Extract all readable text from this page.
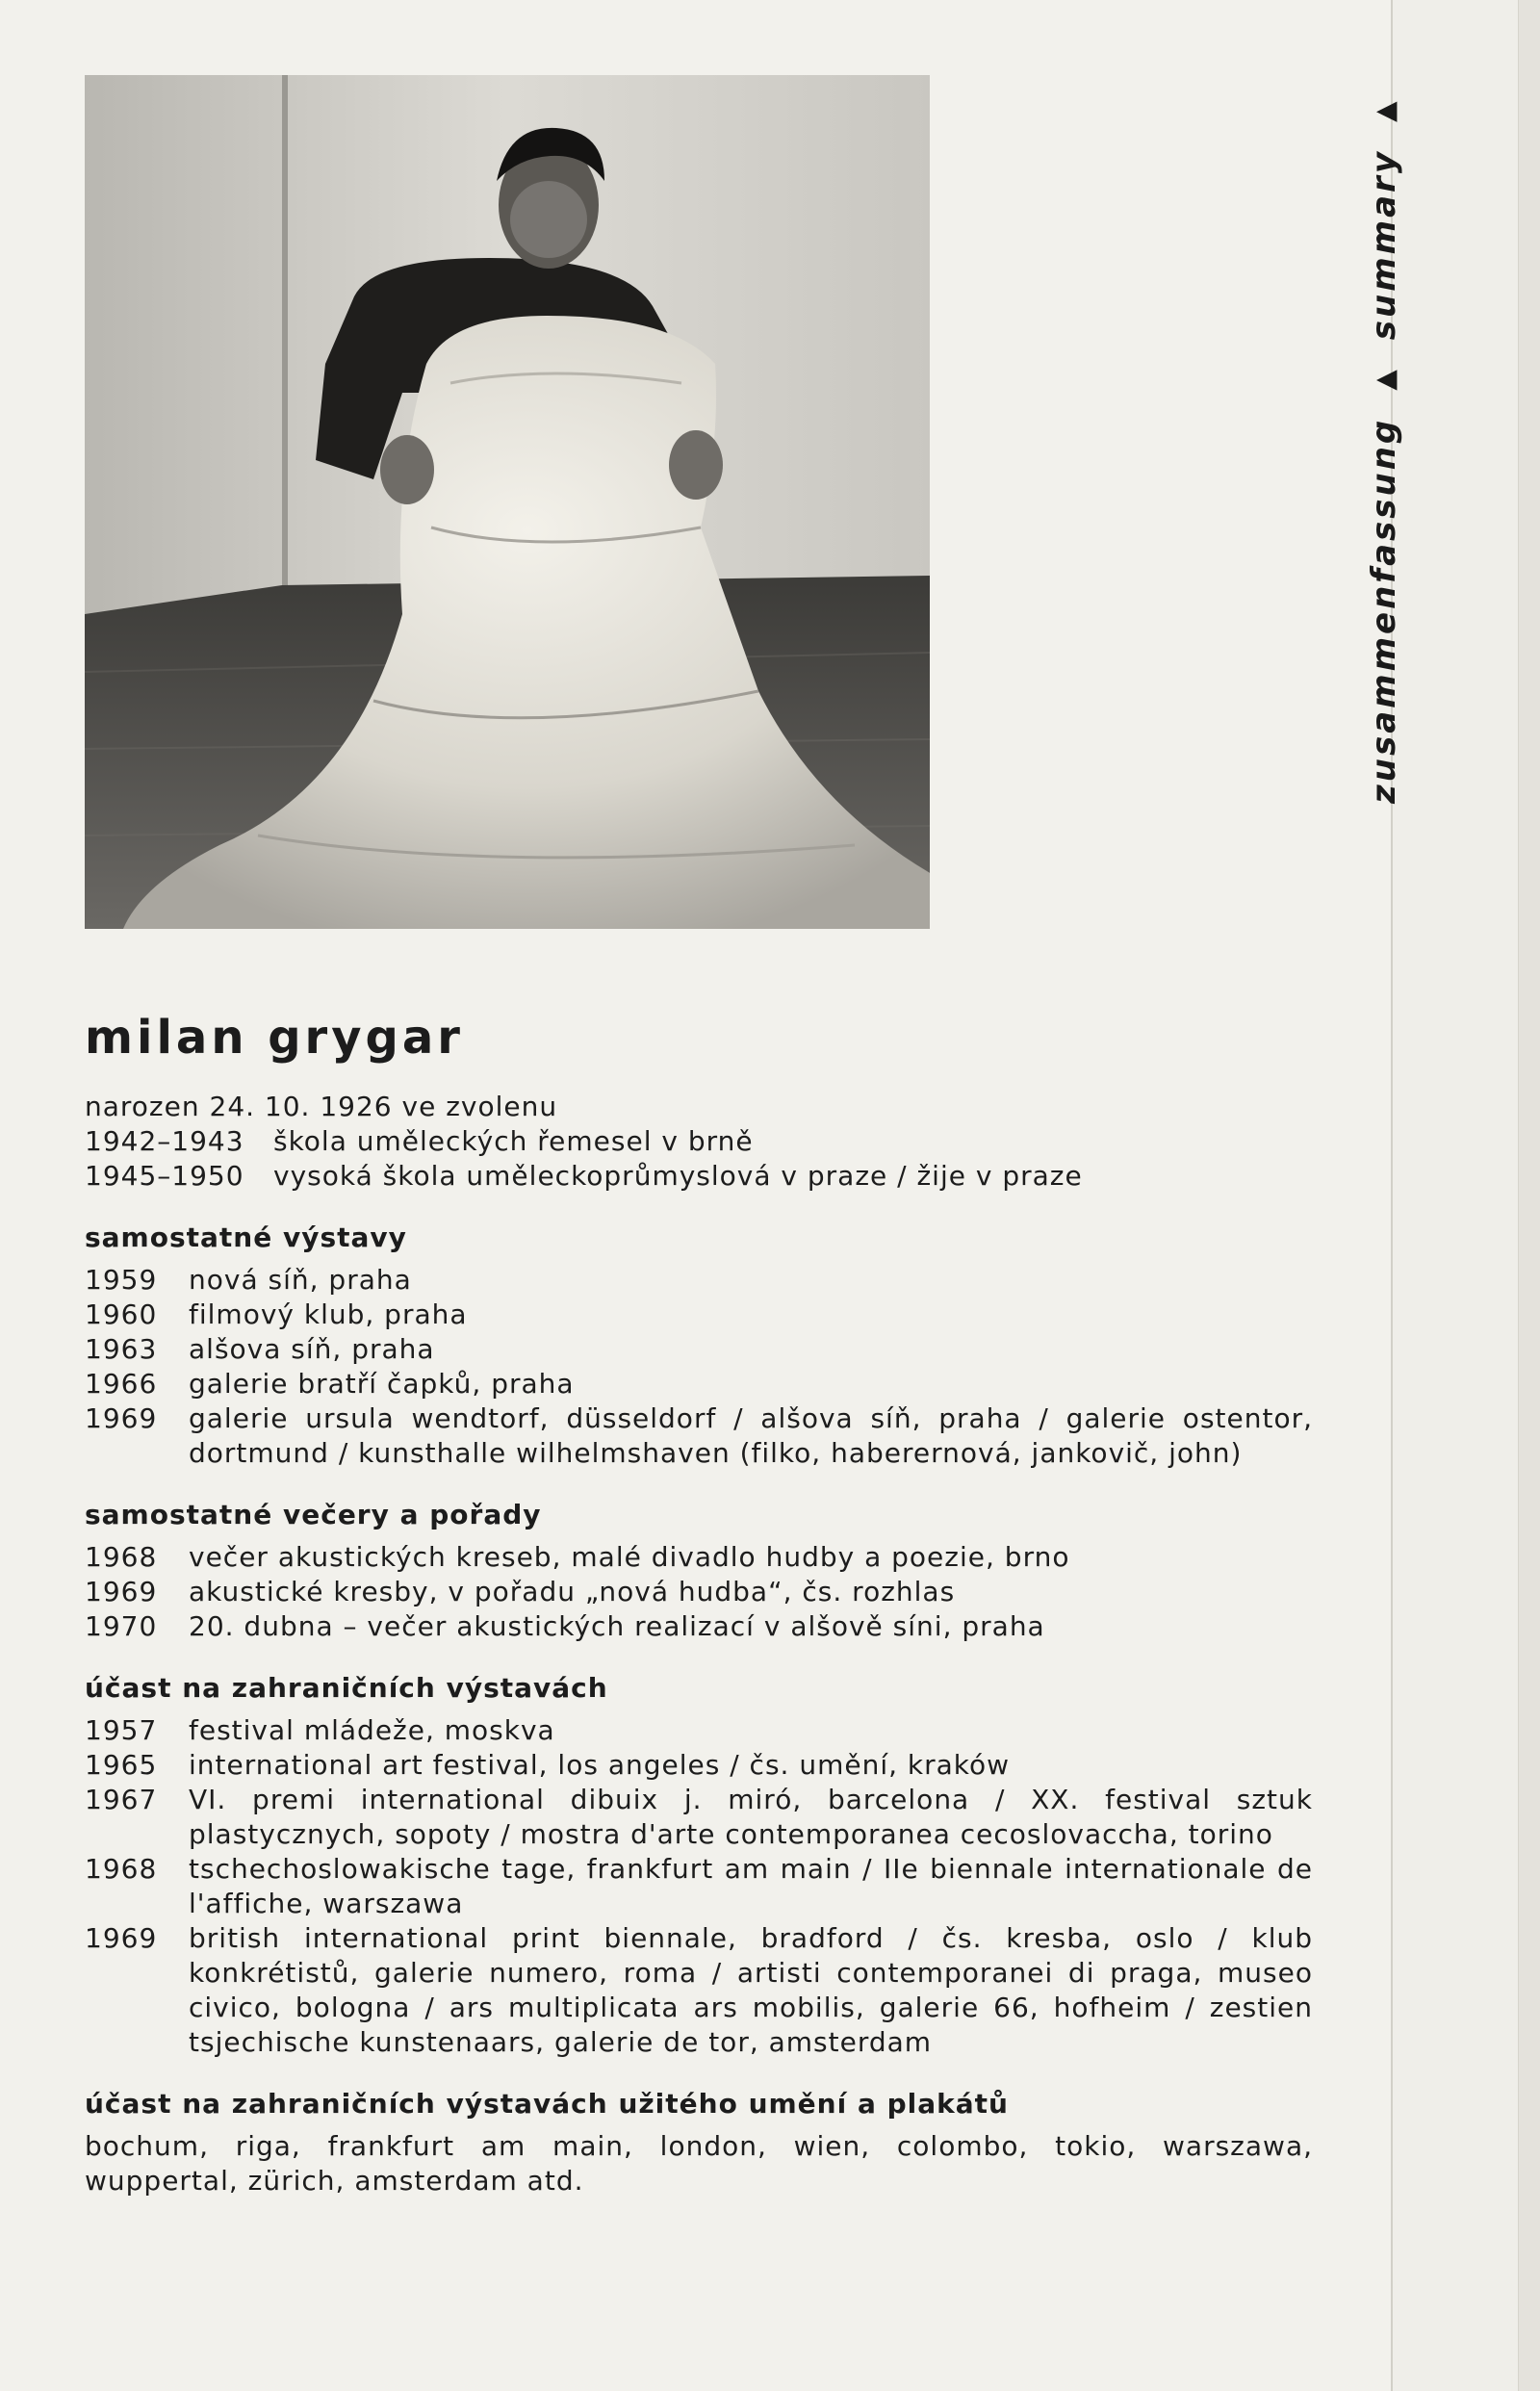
milan grygar
narozen 24. 10. 1926 ve zvolenu
1942–1943 škola uměleckých řemesel v brně
1945–1950 vysoká škola uměleckoprůmyslová v praze / žije v praze
samostatné výstavy
1959	nová síň, praha
1960	filmový klub, praha
1963	alšova síň, praha
1966	galerie bratří čapků, praha
1969	galerie ursula wendtorf, düsseldorf / alšova síň, praha / galerie ostentor, dortmund / kunsthalle wilhelmshaven (filko, haberernová, jankovič, john)
samostatné večery a pořady
1968	večer akustických kreseb, malé divadlo hudby a poezie, brno
1969	akustické kresby, v pořadu „nová hudba“, čs. rozhlas
1970	20. dubna – večer akustických realizací v alšově síni, praha
účast na zahraničních výstavách
1957	festival mládeže, moskva
1965	international art festival, los angeles / čs. umění, kraków
1967	VI. premi international dibuix j. miró, barcelona / XX. festival sztuk plastycznych, sopoty / mostra d'arte contemporanea cecoslovaccha, torino
1968	tschechoslowakische tage, frankfurt am main / IIe biennale internationale de l'affiche, warszawa
1969	british international print biennale, bradford / čs. kresba, oslo / klub konkrétistů, galerie numero, roma / artisti contemporanei di praga, museo civico, bologna / ars multiplicata ars mobilis, galerie 66, hofheim / zestien tsjechische kunstenaars, galerie de tor, amsterdam
účast na zahraničních výstavách užitého umění a plakátů
bochum, riga, frankfurt am main, london, wien, colombo, tokio, warszawa, wuppertal, zürich, amsterdam atd.
zusammenfassung
▲
summary
▲
